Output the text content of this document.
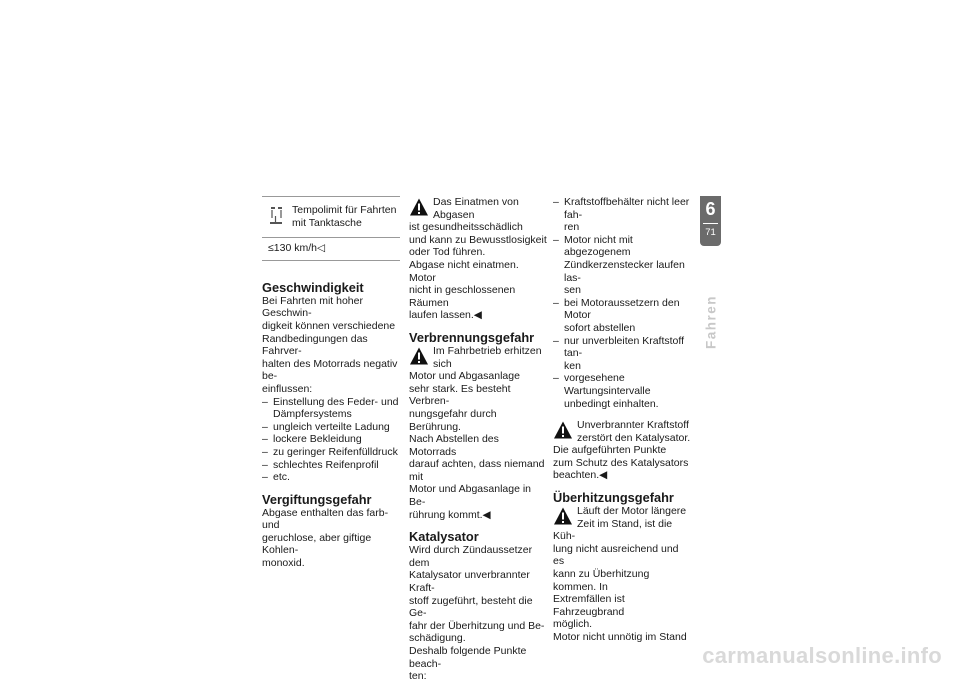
Tempolimit für Fahrten
mit Tanktasche
≤130 km/h◁
Geschwindigkeit
Bei Fahrten mit hoher Geschwin-
digkeit können verschiedene
Randbedingungen das Fahrver-
halten des Motorrads negativ be-
einflussen:
– Einstellung des Feder- und
Dämpfersystems
– ungleich verteilte Ladung
– lockere Bekleidung
– zu geringer Reifenfülldruck
– schlechtes Reifenprofil
– etc.
Vergiftungsgefahr
Abgase enthalten das farb- und
geruchlose, aber giftige Kohlen-
monoxid.
Das Einatmen von Abgasen
ist gesundheitsschädlich
und kann zu Bewusstlosigkeit
oder Tod führen.
Abgase nicht einatmen. Motor
nicht in geschlossenen Räumen
laufen lassen.◀
Verbrennungsgefahr
Im Fahrbetrieb erhitzen sich
Motor und Abgasanlage
sehr stark. Es besteht Verbren-
nungsgefahr durch Berührung.
Nach Abstellen des Motorrads
darauf achten, dass niemand mit
Motor und Abgasanlage in Be-
rührung kommt.◀
Katalysator
Wird durch Zündaussetzer dem
Katalysator unverbrannter Kraft-
stoff zugeführt, besteht die Ge-
fahr der Überhitzung und Be-
schädigung.
Deshalb folgende Punkte beach-
ten:
– Kraftstoffbehälter nicht leer fah-
ren
– Motor nicht mit abgezogenem
Zündkerzenstecker laufen las-
sen
– bei Motoraussetzern den Motor
sofort abstellen
– nur unverbleiten Kraftstoff tan-
ken
– vorgesehene Wartungsintervalle
unbedingt einhalten.
Unverbrannter Kraftstoff
zerstört den Katalysator.
Die aufgeführten Punkte
zum Schutz des Katalysators
beachten.◀
Überhitzungsgefahr
Läuft der Motor längere
Zeit im Stand, ist die Küh-
lung nicht ausreichend und es
kann zu Überhitzung kommen. In
Extremfällen ist Fahrzeugbrand
möglich.
Motor nicht unnötig im Stand
6
71
Fahren
carmanualsonline.info
